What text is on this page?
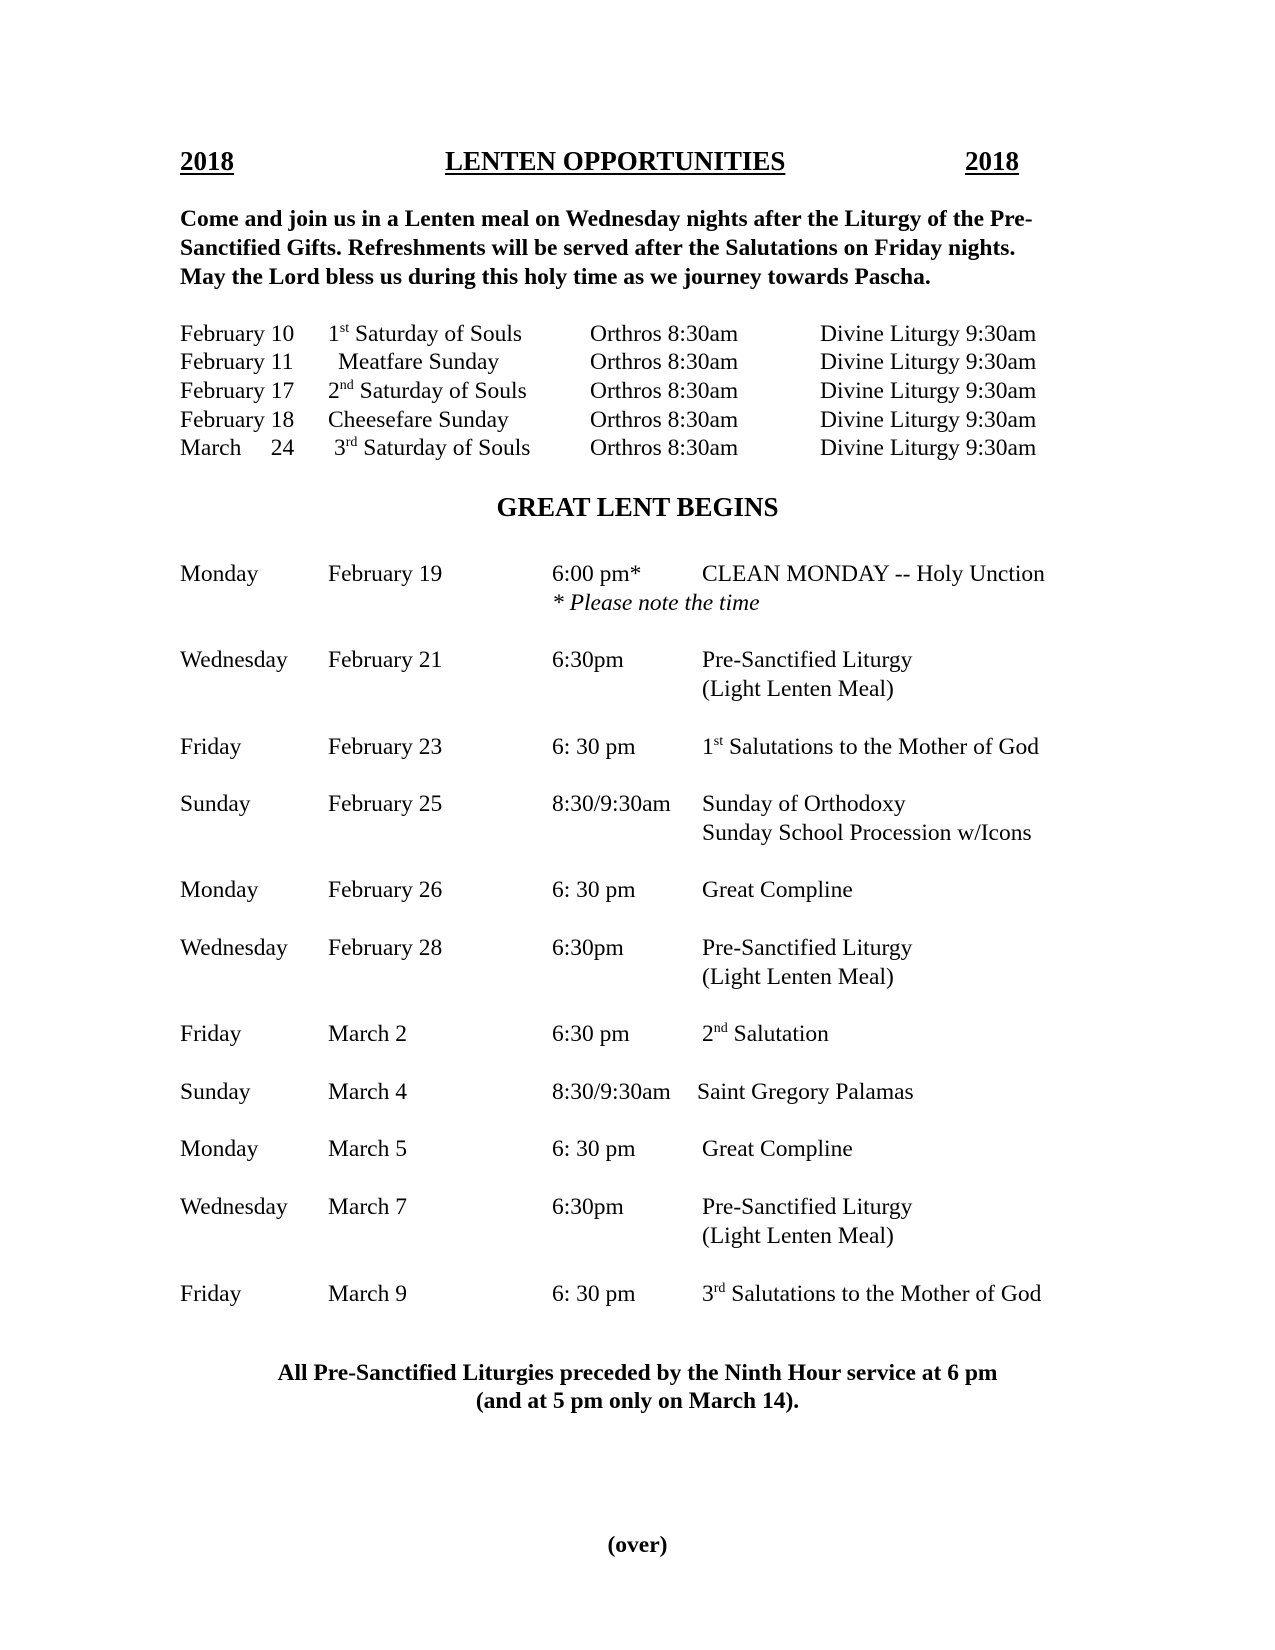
2018	LENTEN OPPORTUNITIES	2018
Come and join us in a Lenten meal on Wednesday nights after the Liturgy of the Pre-
Sanctified Gifts. Refreshments will be served after the Salutations on Friday nights.
May the Lord bless us during this holy time as we journey towards Pascha.
February 10 1st Saturday of Souls	Orthros 8:30am	Divine Liturgy 9:30am
February 11 Meatfare Sunday	Orthros 8:30am	Divine Liturgy 9:30am
February 17 2nd Saturday of Souls	Orthros 8:30am	Divine Liturgy 9:30am
February 18 Cheesefare Sunday	Orthros 8:30am	Divine Liturgy 9:30am
March     24 3rd Saturday of Souls	Orthros 8:30am	Divine Liturgy 9:30am
GREAT LENT BEGINS
Monday	February 19	6:00 pm*	CLEAN MONDAY -- Holy Unction
* Please note the time
Wednesday February 21	6:30pm	Pre-Sanctified Liturgy
(Light Lenten Meal)
Friday	February 23	6: 30 pm	1st Salutations to the Mother of God
Sunday	February 25	8:30/9:30am Sunday of Orthodoxy
Sunday School Procession w/Icons
Monday	February 26	6: 30 pm	Great Compline
Wednesday February 28	6:30pm	Pre-Sanctified Liturgy
(Light Lenten Meal)
Friday	March 2	6:30 pm	2nd Salutation
Sunday	March 4	8:30/9:30am Saint Gregory Palamas
Monday	March 5	6: 30 pm	Great Compline
Wednesday March 7	6:30pm	Pre-Sanctified Liturgy
(Light Lenten Meal)
Friday	March 9	6: 30 pm	3rd Salutations to the Mother of God
All Pre-Sanctified Liturgies preceded by the Ninth Hour service at 6 pm
(and at 5 pm only on March 14).
(over)
